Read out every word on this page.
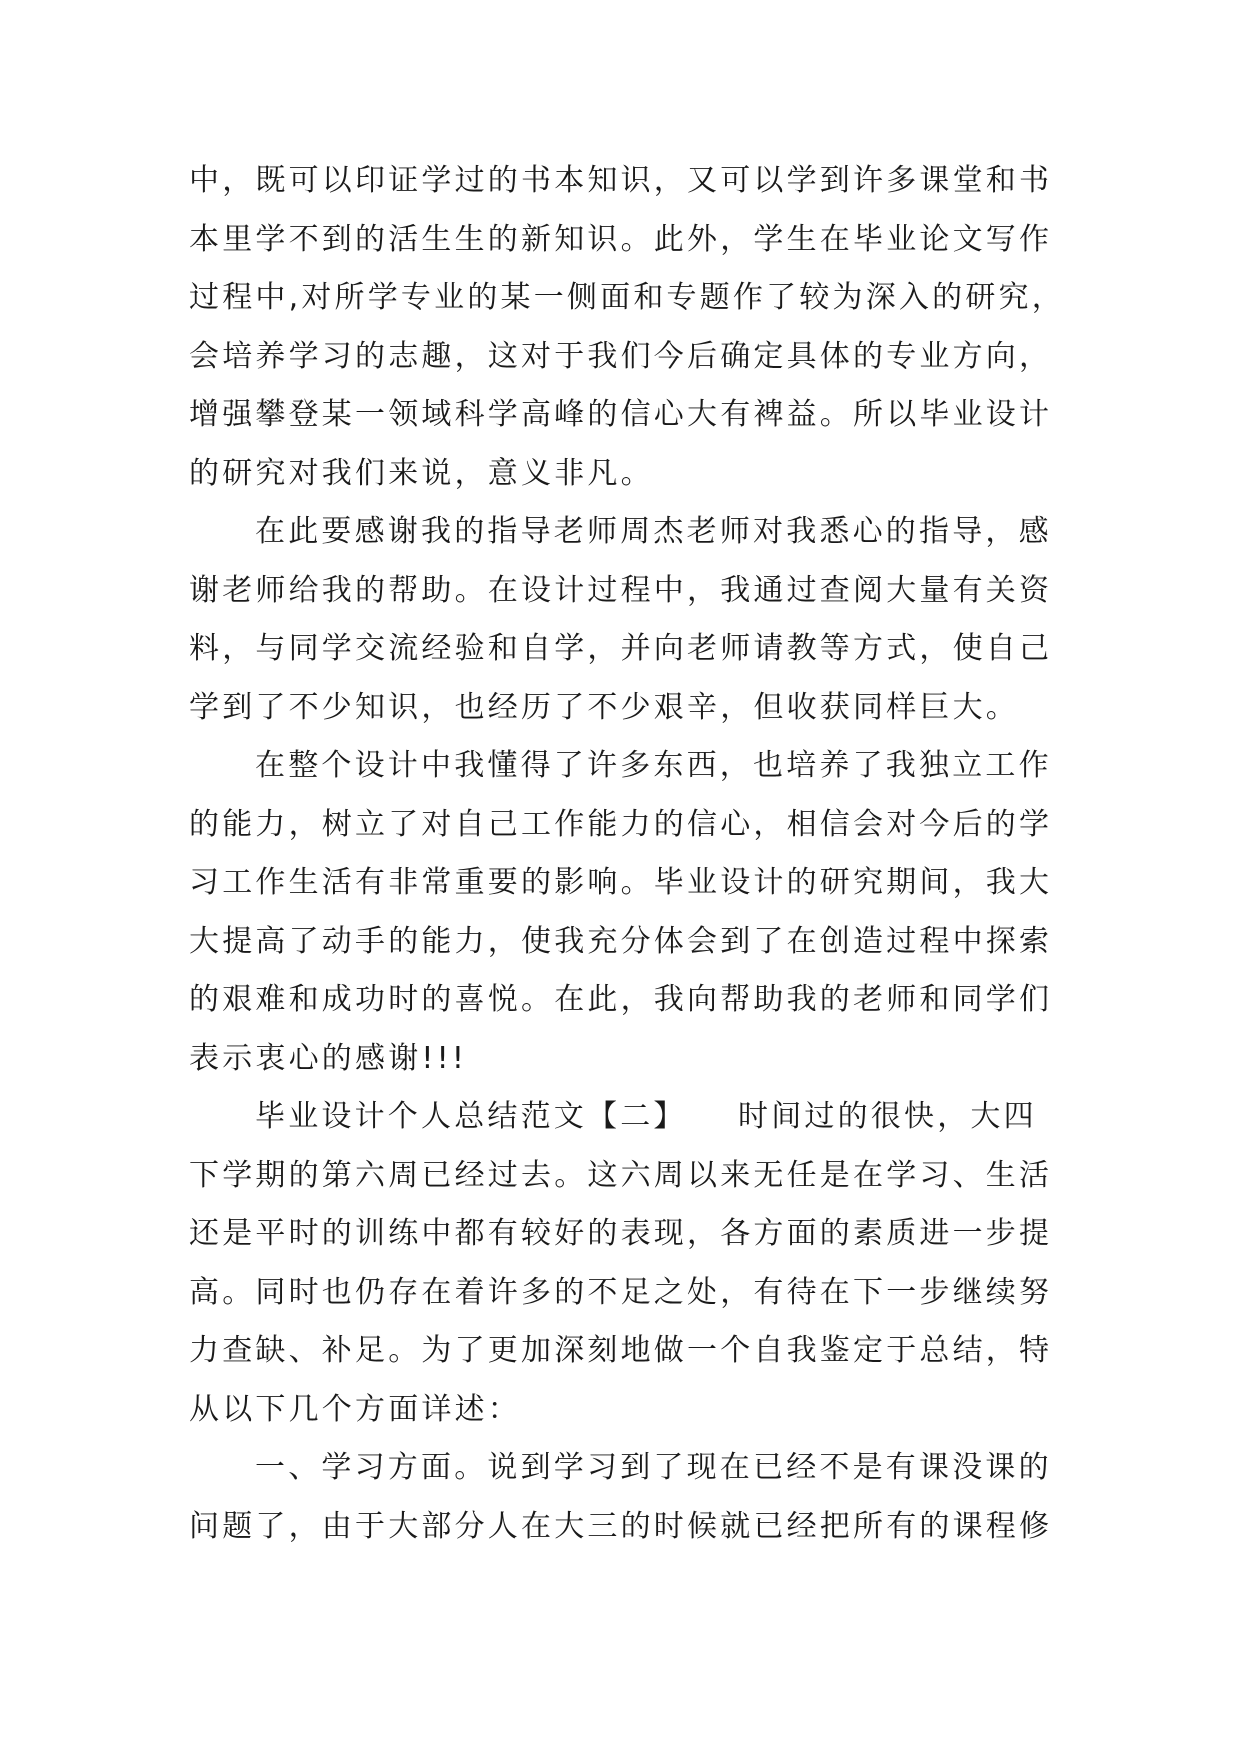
中，既可以印证学过的书本知识，又可以学到许多课堂和书
本里学不到的活生生的新知识。此外，学生在毕业论文写作
过程中,对所学专业的某一侧面和专题作了较为深入的研究，
会培养学习的志趣，这对于我们今后确定具体的专业方向，
增强攀登某一领域科学高峰的信心大有裨益。所以毕业设计
的研究对我们来说，意义非凡。
在此要感谢我的指导老师周杰老师对我悉心的指导，感
谢老师给我的帮助。在设计过程中，我通过查阅大量有关资
料，与同学交流经验和自学，并向老师请教等方式，使自己
学到了不少知识，也经历了不少艰辛，但收获同样巨大。
在整个设计中我懂得了许多东西，也培养了我独立工作
的能力，树立了对自己工作能力的信心，相信会对今后的学
习工作生活有非常重要的影响。毕业设计的研究期间，我大
大提高了动手的能力，使我充分体会到了在创造过程中探索
的艰难和成功时的喜悦。在此，我向帮助我的老师和同学们
表示衷心的感谢!!!
毕业设计个人总结范文【二】　　时间过的很快，大四
下学期的第六周已经过去。这六周以来无任是在学习、生活
还是平时的训练中都有较好的表现，各方面的素质进一步提
高。同时也仍存在着许多的不足之处，有待在下一步继续努
力查缺、补足。为了更加深刻地做一个自我鉴定于总结，特
从以下几个方面详述：
一、学习方面。说到学习到了现在已经不是有课没课的
问题了，由于大部分人在大三的时候就已经把所有的课程修
